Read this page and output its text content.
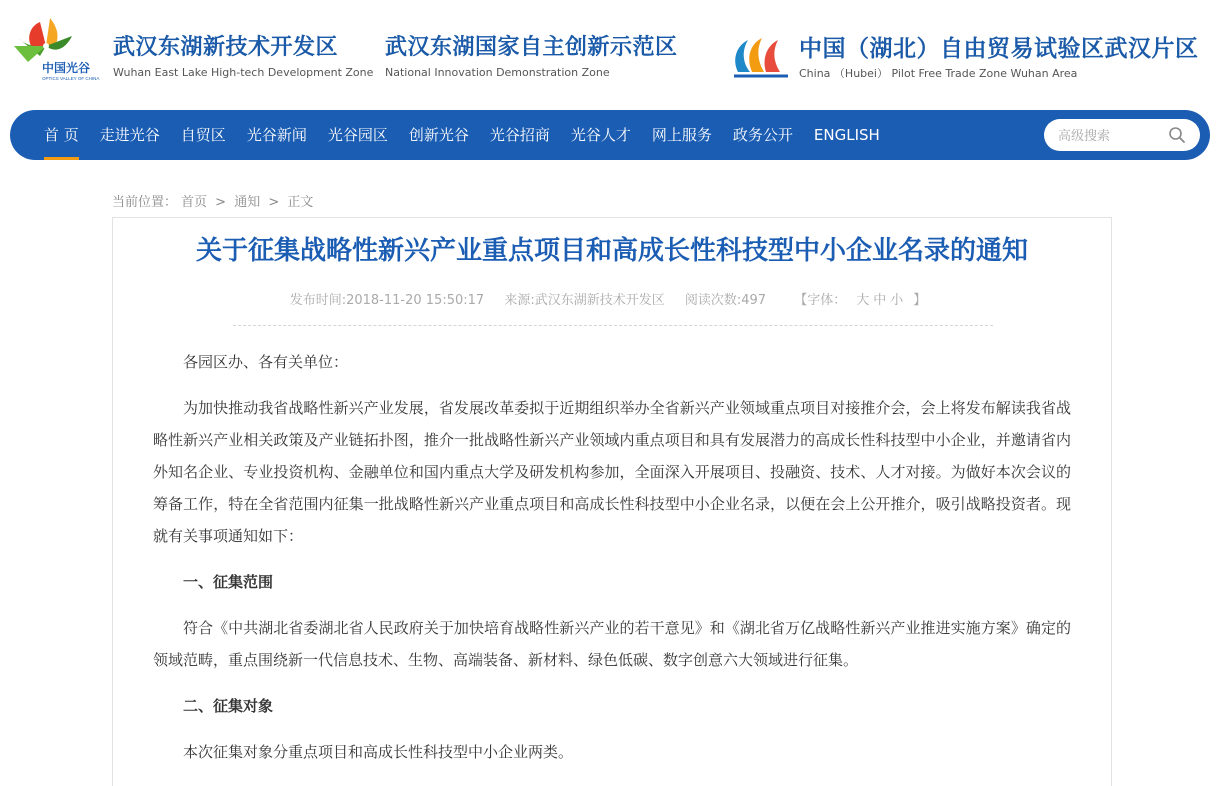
中国光谷
OPTICS VALLEY OF CHINA
武汉东湖新技术开发区
Wuhan East Lake High-tech Development Zone
武汉东湖国家自主创新示范区
National Innovation Demonstration Zone
中国（湖北）自由贸易试验区武汉片区
China （Hubei） Pilot Free Trade Zone Wuhan Area
首 页 走进光谷 自贸区 光谷新闻 光谷园区 创新光谷 光谷招商 光谷人才 网上服务 政务公开 ENGLISH
高级搜索
当前位置： 首页 > 通知 > 正文
关于征集战略性新兴产业重点项目和高成长性科技型中小企业名录的通知
发布时间:2018-11-20 15:50:17 来源:武汉东湖新技术开发区 阅读次数:497 【字体： 大 中 小 】

各园区办、各有关单位：

为加快推动我省战略性新兴产业发展，省发展改革委拟于近期组织举办全省新兴产业领域重点项目对接推介会，会上将发布解读我省战略性新兴产业相关政策及产业链拓扑图，推介一批战略性新兴产业领域内重点项目和具有发展潜力的高成长性科技型中小企业，并邀请省内外知名企业、专业投资机构、金融单位和国内重点大学及研发机构参加，全面深入开展项目、投融资、技术、人才对接。为做好本次会议的筹备工作，特在全省范围内征集一批战略性新兴产业重点项目和高成长性科技型中小企业名录，以便在会上公开推介，吸引战略投资者。现就有关事项通知如下：

一、征集范围

符合《中共湖北省委湖北省人民政府关于加快培育战略性新兴产业的若干意见》和《湖北省万亿战略性新兴产业推进实施方案》确定的领域范畴，重点围绕新一代信息技术、生物、高端装备、新材料、绿色低碳、数字创意六大领域进行征集。

二、征集对象

本次征集对象分重点项目和高成长性科技型中小企业两类。
